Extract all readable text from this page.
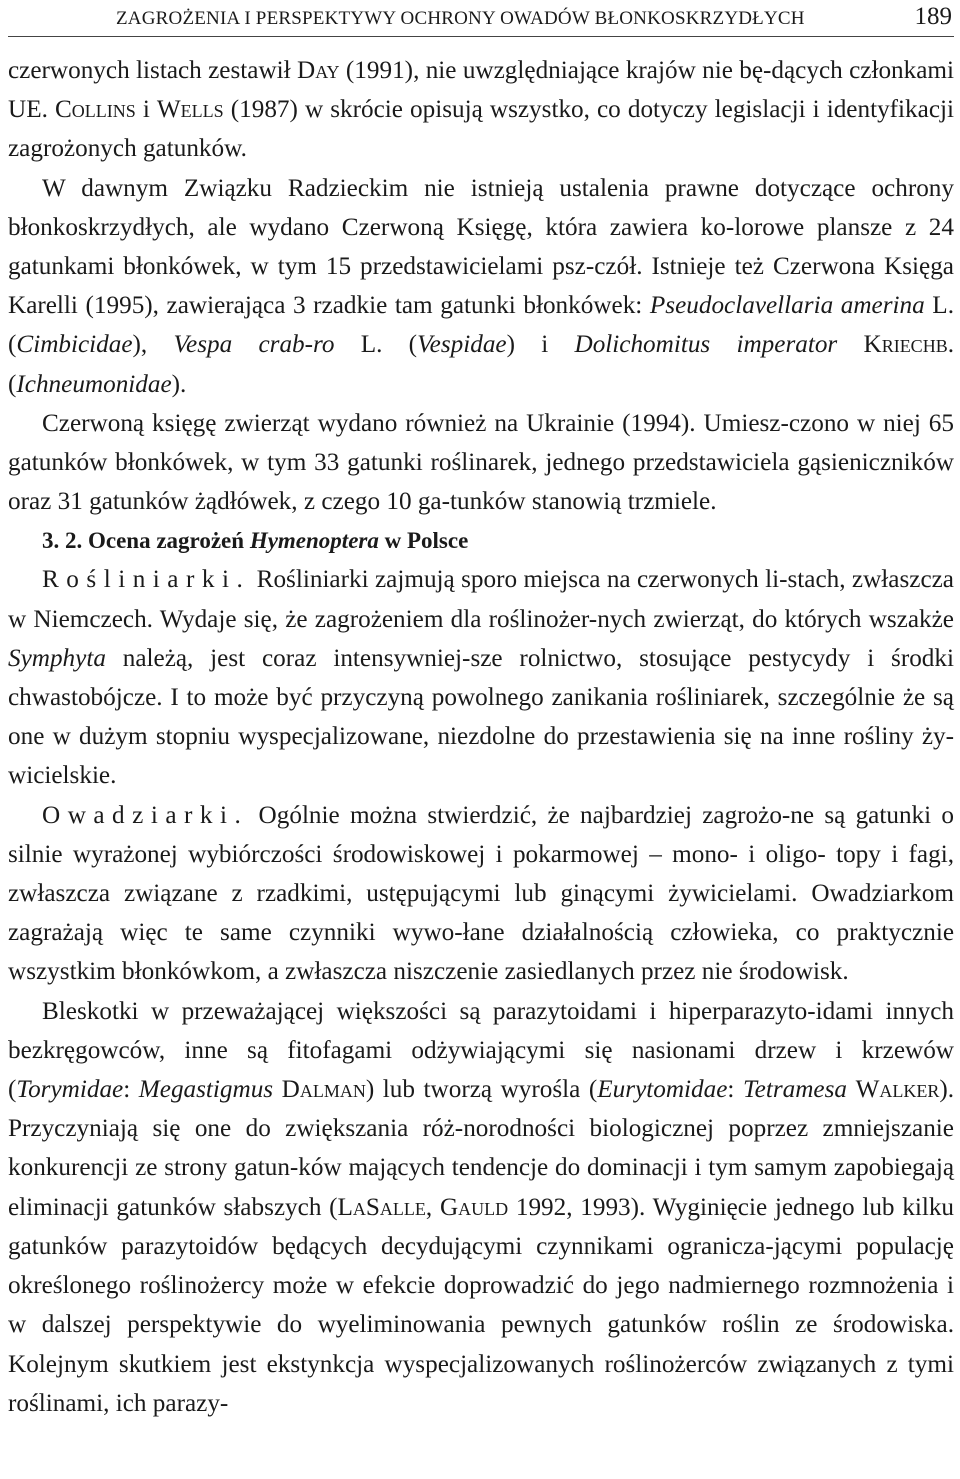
ZAGROŻENIA I PERSPEKTYWY OCHRONY OWADÓW BŁONKOSKRZYDŁYCH	189

czerwonych listach zestawił Day (1991), nie uwzględniające krajów nie bę-dących członkami UE. Collins i Wells (1987) w skrócie opisują wszystko, co dotyczy legislacji i identyfikacji zagrożonych gatunków.

W dawnym Związku Radzieckim nie istnieją ustalenia prawne dotyczące ochrony błonkoskrzydłych, ale wydano Czerwoną Księgę, która zawiera ko-lorowe plansze z 24 gatunkami błonkówek, w tym 15 przedstawicielami psz-czół. Istnieje też Czerwona Księga Karelli (1995), zawierająca 3 rzadkie tam gatunki błonkówek: Pseudoclavellaria amerina L. (Cimbicidae), Vespa crab-ro L. (Vespidae) i Dolichomitus imperator Kriechb. (Ichneumonidae).

Czerwoną księgę zwierząt wydano również na Ukrainie (1994). Umiesz-czono w niej 65 gatunków błonkówek, w tym 33 gatunki roślinarek, jednego przedstawiciela gąsieniczników oraz 31 gatunków żądłówek, z czego 10 ga-tunków stanowią trzmiele.

3. 2. Ocena zagrożeń Hymenoptera w Polsce

Rośliniarki. Rośliniarki zajmują sporo miejsca na czerwonych li-stach, zwłaszcza w Niemczech. Wydaje się, że zagrożeniem dla roślinożer-nych zwierząt, do których wszakże Symphyta należą, jest coraz intensywniej-sze rolnictwo, stosujące pestycydy i środki chwastobójcze. I to może być przyczyną powolnego zanikania rośliniarek, szczególnie że są one w dużym stopniu wyspecjalizowane, niezdolne do przestawienia się na inne rośliny ży-wicielskie.

Owadziarki. Ogólnie można stwierdzić, że najbardziej zagrożo-ne są gatunki o silnie wyrażonej wybiórczości środowiskowej i pokarmowej – mono- i oligo- topy i fagi, zwłaszcza związane z rzadkimi, ustępującymi lub ginącymi żywicielami. Owadziarkom zagrażają więc te same czynniki wywo-łane działalnością człowieka, co praktycznie wszystkim błonkówkom, a zwłaszcza niszczenie zasiedlanych przez nie środowisk.

Bleskotki w przeważającej większości są parazytoidami i hiperparazyto-idami innych bezkręgowców, inne są fitofagami odżywiającymi się nasionami drzew i krzewów (Torymidae: Megastigmus Dalman) lub tworzą wyrośla (Eurytomidae: Tetramesa Walker). Przyczyniają się one do zwiększania róż-norodności biologicznej poprzez zmniejszanie konkurencji ze strony gatun-ków mających tendencje do dominacji i tym samym zapobiegają eliminacji gatunków słabszych (LaSalle, Gauld 1992, 1993). Wyginięcie jednego lub kilku gatunków parazytoidów będących decydującymi czynnikami ogranicza-jącymi populację określonego roślinożercy może w efekcie doprowadzić do jego nadmiernego rozmnożenia i w dalszej perspektywie do wyeliminowania pewnych gatunków roślin ze środowiska. Kolejnym skutkiem jest ekstynkcja wyspecjalizowanych roślinożerców związanych z tymi roślinami, ich parazy-
